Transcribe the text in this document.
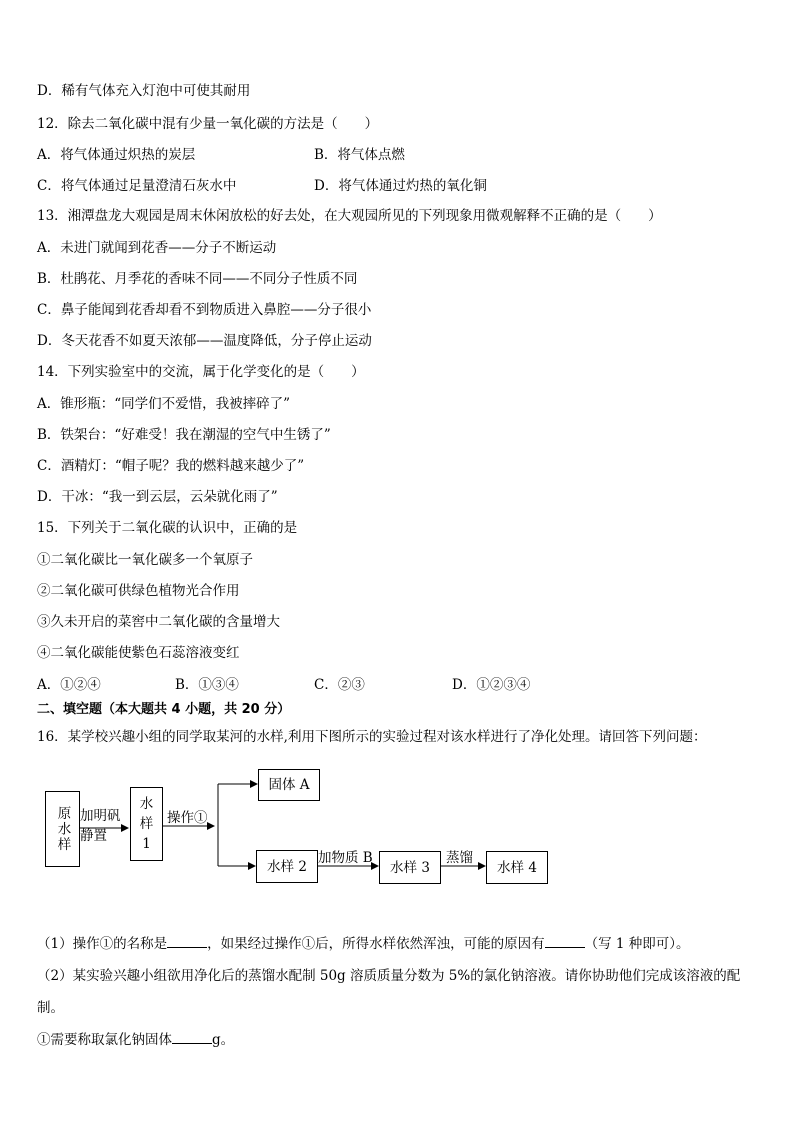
D．稀有气体充入灯泡中可使其耐用
12．除去二氧化碳中混有少量一氧化碳的方法是（　　）
A．将气体通过炽热的炭层	B．将气体点燃
C．将气体通过足量澄清石灰水中	D．将气体通过灼热的氧化铜
13．湘潭盘龙大观园是周末休闲放松的好去处，在大观园所见的下列现象用微观解释不正确的是（　　）
A．未进门就闻到花香——分子不断运动
B．杜鹃花、月季花的香味不同——不同分子性质不同
C．鼻子能闻到花香却看不到物质进入鼻腔——分子很小
D．冬天花香不如夏天浓郁——温度降低，分子停止运动
14．下列实验室中的交流，属于化学变化的是（　　）
A．锥形瓶：“同学们不爱惜，我被摔碎了”
B．铁架台：“好难受！我在潮湿的空气中生锈了”
C．酒精灯：“帽子呢？我的燃料越来越少了”
D．干冰：“我一到云层，云朵就化雨了”
15．下列关于二氧化碳的认识中，正确的是
①二氧化碳比一氧化碳多一个氧原子
②二氧化碳可供绿色植物光合作用
③久未开启的菜窖中二氧化碳的含量增大
④二氧化碳能使紫色石蕊溶液变红
A．①②④	B．①③④	C．②③	D．①②③④
二、填空题（本大题共 4 小题，共 20 分）
16．某学校兴趣小组的同学取某河的水样,利用下图所示的实验过程对该水样进行了净化处理。请回答下列问题：
原水样 加明矾
静置
水
样
1
操作①
固体 A
水样 2
加物质 B
水样 3
蒸馏
水样 4
（1）操作①的名称是	，如果经过操作①后，所得水样依然浑浊，可能的原因有	（写 1 种即可）。
（2）某实验兴趣小组欲用净化后的蒸馏水配制 50g 溶质质量分数为 5%的氯化钠溶液。请你协助他们完成该溶液的配
制。
①需要称取氯化钠固体	g。
